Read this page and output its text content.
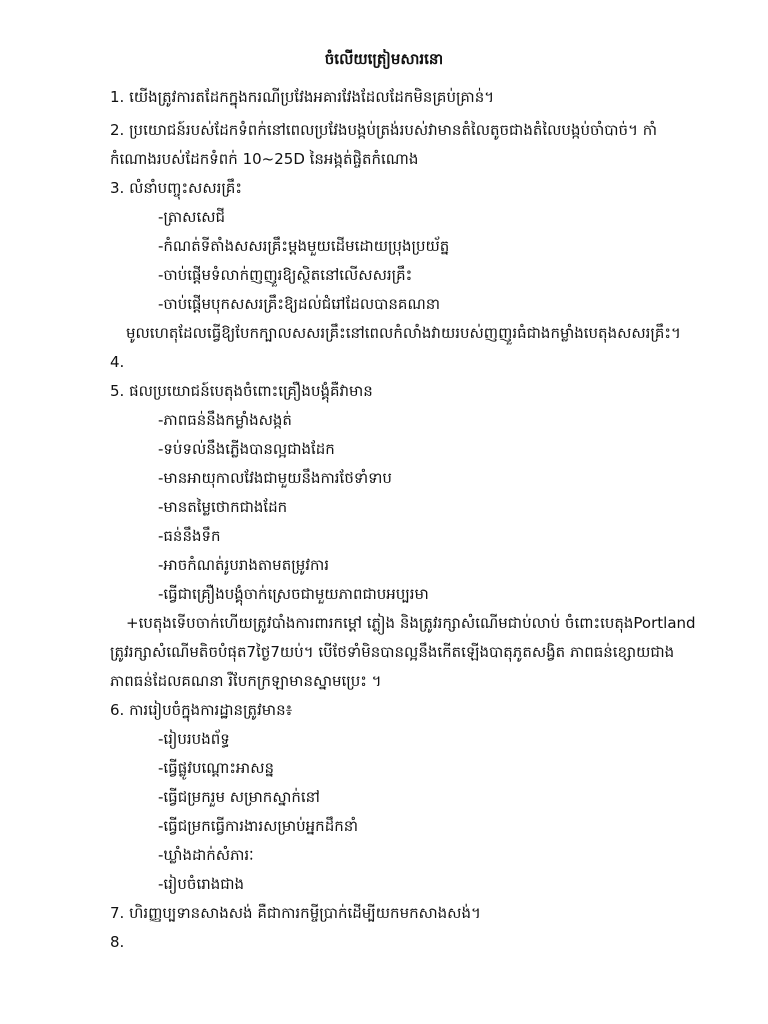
ចំលើយត្រៀមសារនោ
1. យើងត្រូវការតដែកក្នុងករណីប្រវែងអគារវែងដែលដែកមិនគ្រប់គ្រាន់។
2. ប្រយោជន៍របស់ដែកទំពក់នៅពេលប្រវែងបង្កប់ត្រង់របស់វាមានតំលៃតូចជាងតំលៃបង្កប់ចាំបាច់។ កាំ
កំណោងរបស់ដែកទំពក់ 10~25D នៃអង្កត់ផ្ចិតកំណោង
3. លំនាំបញ្ចុះសសរគ្រឹះ
-ត្រាសសេជី
-កំណត់ទីតាំងសសរគ្រឹះម្តងមួយដើមដោយប្រុងប្រយ័ត្ន
-ចាប់ផ្តើមទំលាក់ញញួរឱ្យស្ថិតនៅលើសសរគ្រឹះ
-ចាប់ផ្តើមបុកសសរគ្រឹះឱ្យដល់ជំរៅដែលបានគណនា
មូលហេតុដែលធ្វើឱ្យបែកក្បាលសសរគ្រឹះនៅពេលកំលាំងវាយរបស់ញញួរធំជាងកម្លាំងបេតុងសសរគ្រឹះ។
4.
5. ផលប្រយោជន៍បេតុងចំពោះគ្រឿងបង្គុំគឺវាមាន
-ភាពធន់នឹងកម្លាំងសង្កត់
-ទប់ទល់នឹងភ្លើងបានល្អជាងដែក
-មានអាយុកាលវែងជាមួយនឹងការថែទាំទាប
-មានតម្លៃថោកជាងដែក
-ធន់នឹងទឹក
-អាចកំណត់រូបរាងតាមតម្រូវការ
-ធ្វើជាគ្រឿងបង្គុំចាក់ស្រេចជាមួយភាពជាបអប្បរមា
+បេតុងទើបចាក់ហើយត្រូវបាំងការពារកម្តៅ ភ្លៀង និងត្រូវរក្សាសំណើមជាប់លាប់ ចំពោះបេតុងPortland
ត្រូវរក្សាសំណើមតិចបំផុត7ថ្ងៃ7យប់។ បើថែទាំមិនបានល្អនឹងកើតឡើងបាតុភូតសង្វិត ភាពធន់ខ្សោយជាង
ភាពធន់ដែលគណនា រឺបែកក្រឡាមានស្នាមប្រេះ ។
6. ការរៀបចំក្នុងការដ្ឋានត្រូវមាន៖
-រៀបរបងព័ទ្ធ
-ធ្វើផ្លូវបណ្តោះអាសន្ន
-ធ្វើជម្រករួម សម្រាកស្នាក់នៅ
-ធ្វើជម្រកធ្វើការងារសម្រាប់អ្នកដឹកនាំ
-ឃ្លាំងដាក់សំភារៈ
-រៀបចំរោងជាង
7. ហិរញ្ញប្បទានសាងសង់ គឺជាការកម្ចីប្រាក់ដើម្បីយកមកសាងសង់។
8.
